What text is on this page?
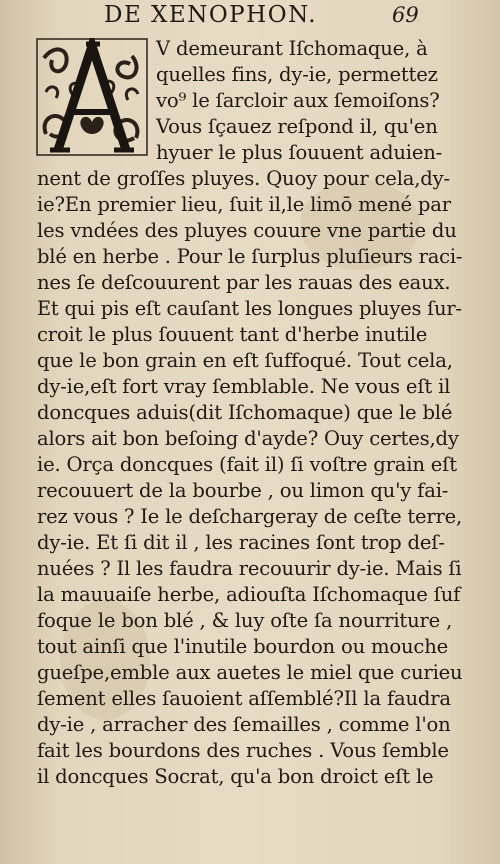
DE XENOPHON.	69
V demeurant Iſchomaque, à
quelles fins, dy-ie, permettez
vo⁹ le ſarcloir aux ſemoiſons?
Vous ſçauez reſpond il, qu'en
hyuer le plus ſouuent aduien-
nent de groſſes pluyes. Quoy pour cela,dy-
ie?En premier lieu, ſuit il,le limō mené par
les vndées des pluyes couure vne partie du
blé en herbe . Pour le ſurplus pluſieurs raci-
nes ſe deſcouurent par les rauas des eaux.
Et qui pis eſt cauſant les longues pluyes ſur-
croit le plus ſouuent tant d'herbe inutile
que le bon grain en eſt ſuffoqué. Tout cela,
dy-ie,eſt fort vray ſemblable. Ne vous eſt il
doncques aduis(dit Iſchomaque) que le blé
alors ait bon beſoing d'ayde? Ouy certes,dy
ie. Orça doncques (fait il) ſi voſtre grain eſt
recouuert de la bourbe , ou limon qu'y fai-
rez vous ? Ie le deſchargeray de ceſte terre,
dy-ie. Et ſi dit il , les racines ſont trop deſ-
nuées ? Il les faudra recouurir dy-ie. Mais ſi
la mauuaiſe herbe, adiouſta Iſchomaque ſuf
foque le bon blé , & luy oſte ſa nourriture ,
tout ainſi que l'inutile bourdon ou mouche
gueſpe,emble aux auetes le miel que curieu
ſement elles ſauoient aſſemblé?Il la faudra
dy-ie , arracher des ſemailles , comme l'on
fait les bourdons des ruches . Vous ſemble
il doncques Socrat, qu'a bon droict eſt le
